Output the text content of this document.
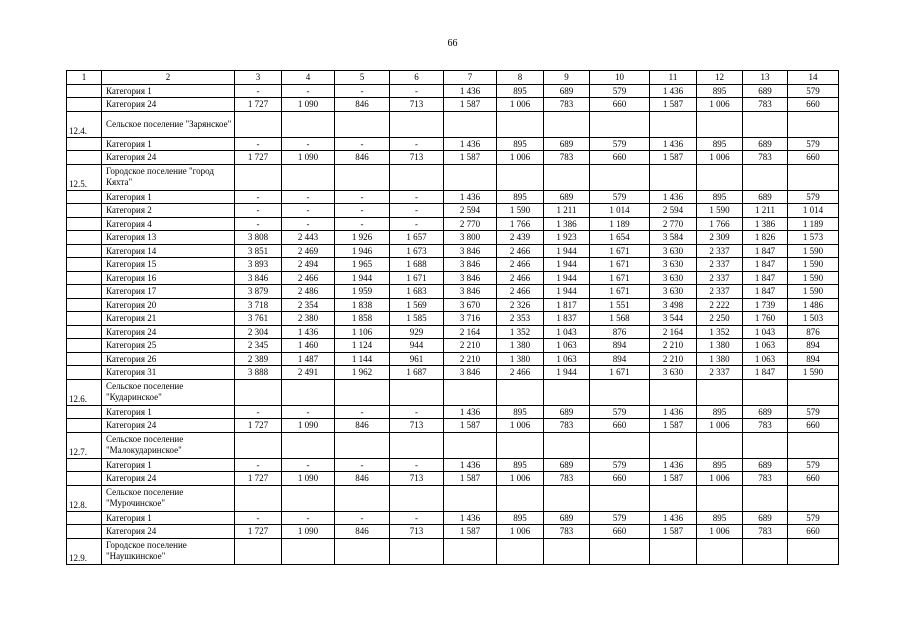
66
1	2	3	4	5	6	7	8	9	10	11	12	13	14
	Категория 1	-	-	-	-	1 436	895	689	579	1 436	895	689	579
	Категория 24	1 727	1 090	846	713	1 587	1 006	783	660	1 587	1 006	783	660
12.4.	Сельское поселение "Зарянское"												
	Категория 1	-	-	-	-	1 436	895	689	579	1 436	895	689	579
	Категория 24	1 727	1 090	846	713	1 587	1 006	783	660	1 587	1 006	783	660
12.5.	Городское поселение "город Кяхта"												
	Категория 1	-	-	-	-	1 436	895	689	579	1 436	895	689	579
	Категория 2	-	-	-	-	2 594	1 590	1 211	1 014	2 594	1 590	1 211	1 014
	Категория 4	-	-	-	-	2 770	1 766	1 386	1 189	2 770	1 766	1 386	1 189
	Категория 13	3 808	2 443	1 926	1 657	3 800	2 439	1 923	1 654	3 584	2 309	1 826	1 573
	Категория 14	3 851	2 469	1 946	1 673	3 846	2 466	1 944	1 671	3 630	2 337	1 847	1 590
	Категория 15	3 893	2 494	1 965	1 688	3 846	2 466	1 944	1 671	3 630	2 337	1 847	1 590
	Категория 16	3 846	2 466	1 944	1 671	3 846	2 466	1 944	1 671	3 630	2 337	1 847	1 590
	Категория 17	3 879	2 486	1 959	1 683	3 846	2 466	1 944	1 671	3 630	2 337	1 847	1 590
	Категория 20	3 718	2 354	1 838	1 569	3 670	2 326	1 817	1 551	3 498	2 222	1 739	1 486
	Категория 21	3 761	2 380	1 858	1 585	3 716	2 353	1 837	1 568	3 544	2 250	1 760	1 503
	Категория 24	2 304	1 436	1 106	929	2 164	1 352	1 043	876	2 164	1 352	1 043	876
	Категория 25	2 345	1 460	1 124	944	2 210	1 380	1 063	894	2 210	1 380	1 063	894
	Категория 26	2 389	1 487	1 144	961	2 210	1 380	1 063	894	2 210	1 380	1 063	894
	Категория 31	3 888	2 491	1 962	1 687	3 846	2 466	1 944	1 671	3 630	2 337	1 847	1 590
12.6.	Сельское поселение "Кударинское"												
	Категория 1	-	-	-	-	1 436	895	689	579	1 436	895	689	579
	Категория 24	1 727	1 090	846	713	1 587	1 006	783	660	1 587	1 006	783	660
12.7.	Сельское поселение "Малокударинское"												
	Категория 1	-	-	-	-	1 436	895	689	579	1 436	895	689	579
	Категория 24	1 727	1 090	846	713	1 587	1 006	783	660	1 587	1 006	783	660
12.8.	Сельское поселение "Мурочинское"												
	Категория 1	-	-	-	-	1 436	895	689	579	1 436	895	689	579
	Категория 24	1 727	1 090	846	713	1 587	1 006	783	660	1 587	1 006	783	660
12.9.	Городское поселение "Наушкинское"												
